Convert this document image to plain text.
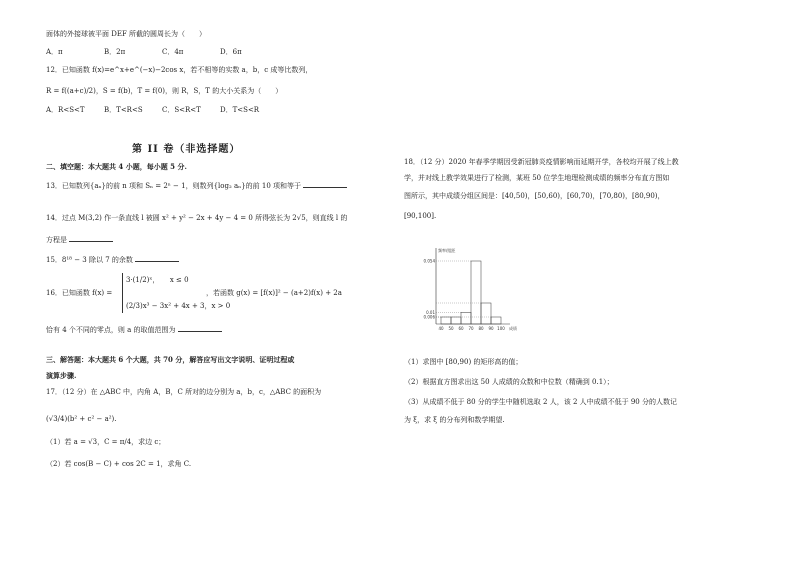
面体的外接球被平面 DEF 所截的圆周长为（　　）
A．π	B．2π	C．4π	D．6π
12．已知函数 f(x)=e^x+e^(−x)−2cos x，若不相等的实数 a，b，c 成等比数列，
R = f((a+c)/2)，S = f(b)，T = f(0)，则 R，S，T 的大小关系为（　　）
A．R<S<T	B．T<R<S	C．S<R<T	D．T<S<R
第 II 卷（非选择题）
二、填空题：本大题共 4 小题，每小题 5 分.
13．已知数列{aₙ}的前 n 项和 Sₙ = 2ⁿ − 1，则数列{log₂ aₙ}的前 10 项和等于
14．过点 M(3,2) 作一条直线 l 被圆 x² + y² − 2x + 4y − 4 = 0 所得弦长为 2√5，则直线 l 的
方程是
15．8¹⁸ − 3 除以 7 的余数
16．已知函数 f(x) =
3·(1/2)ˣ，　　x ≤ 0
(2/3)x³ − 3x² + 4x + 3，x > 0
，若函数 g(x) = [f(x)]² − (a+2)f(x) + 2a
恰有 4 个不同的零点，则 a 的取值范围为
三、解答题：本大题共 6 个大题，共 70 分，解答应写出文字说明、证明过程或
演算步骤.
17．（12 分）在 △ABC 中，内角 A，B，C 所对的边分别为 a，b，c，△ABC 的面积为
(√3/4)(b² + c² − a²).
（1）若 a = √3，C = π/4，求边 c；
（2）若 cos(B − C) + cos 2C = 1，求角 C.
18．（12 分）2020 年春季学期因受新冠肺炎疫情影响而延期开学，各校均开展了线上教
学，并对线上教学效果进行了检测，某班 50 位学生地理检测成绩的频率分布直方图如
图所示，其中成绩分组区间是：[40,50)，[50,60)，[60,70)，[70,80)，[80,90)，
[90,100].
（1）求图中 [80,90) 的矩形高的值；
（2）根据直方图求出这 50 人成绩的众数和中位数（精确到 0.1）；
（3）从成绩不低于 80 分的学生中随机选取 2 人，该 2 人中成绩不低于 90 分的人数记
为 ξ，求 ξ 的分布列和数学期望.
40 50 60 70 80 90 100
0.006
0.01
0.054
成绩
频率/组距
